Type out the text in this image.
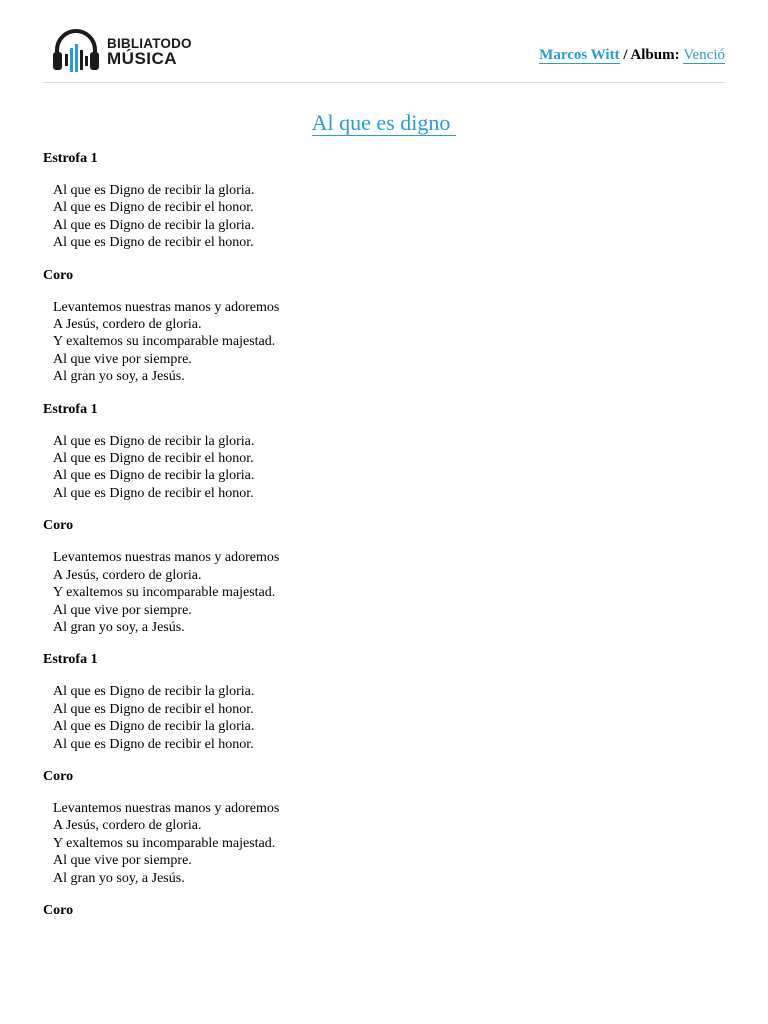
BIBLIATODO
MÚSICA	Marcos Witt / Album: Venció
Al que es digno
Estrofa 1
Al que es Digno de recibir la gloria.
Al que es Digno de recibir el honor.
Al que es Digno de recibir la gloria.
Al que es Digno de recibir el honor.
Coro
Levantemos nuestras manos y adoremos
A Jesús, cordero de gloria.
Y exaltemos su incomparable majestad.
Al que vive por siempre.
Al gran yo soy, a Jesús.
Estrofa 1
Al que es Digno de recibir la gloria.
Al que es Digno de recibir el honor.
Al que es Digno de recibir la gloria.
Al que es Digno de recibir el honor.
Coro
Levantemos nuestras manos y adoremos
A Jesús, cordero de gloria.
Y exaltemos su incomparable majestad.
Al que vive por siempre.
Al gran yo soy, a Jesús.
Estrofa 1
Al que es Digno de recibir la gloria.
Al que es Digno de recibir el honor.
Al que es Digno de recibir la gloria.
Al que es Digno de recibir el honor.
Coro
Levantemos nuestras manos y adoremos
A Jesús, cordero de gloria.
Y exaltemos su incomparable majestad.
Al que vive por siempre.
Al gran yo soy, a Jesús.
Coro
